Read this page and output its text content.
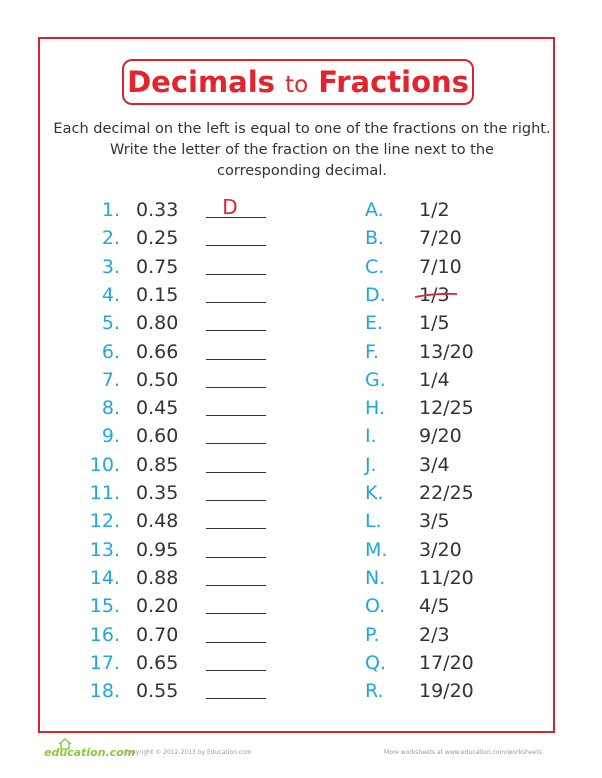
Decimals to Fractions
Each decimal on the left is equal to one of the fractions on the right.
Write the letter of the fraction on the line next to the
corresponding decimal.
1. 0.33	D
2. 0.25
3. 0.75
4. 0.15
5. 0.80
6. 0.66
7. 0.50
8. 0.45
9. 0.60
10. 0.85
11. 0.35
12. 0.48
13. 0.95
14. 0.88
15. 0.20
16. 0.70
17. 0.65
18. 0.55
A.	1/2
B.	7/20
C.	7/10
D. 1/3
E.	1/5
F.	13/20
G. 1/4
H.	12/25
I.	9/20
J.	3/4
K.	22/25
L.	3/5
M. 3/20
N.	11/20
O.	4/5
P.	2/3
Q. 17/20
R.	19/20
education.com
Copyright © 2012-2013 by Education.com	More worksheets at www.education.com/worksheets
